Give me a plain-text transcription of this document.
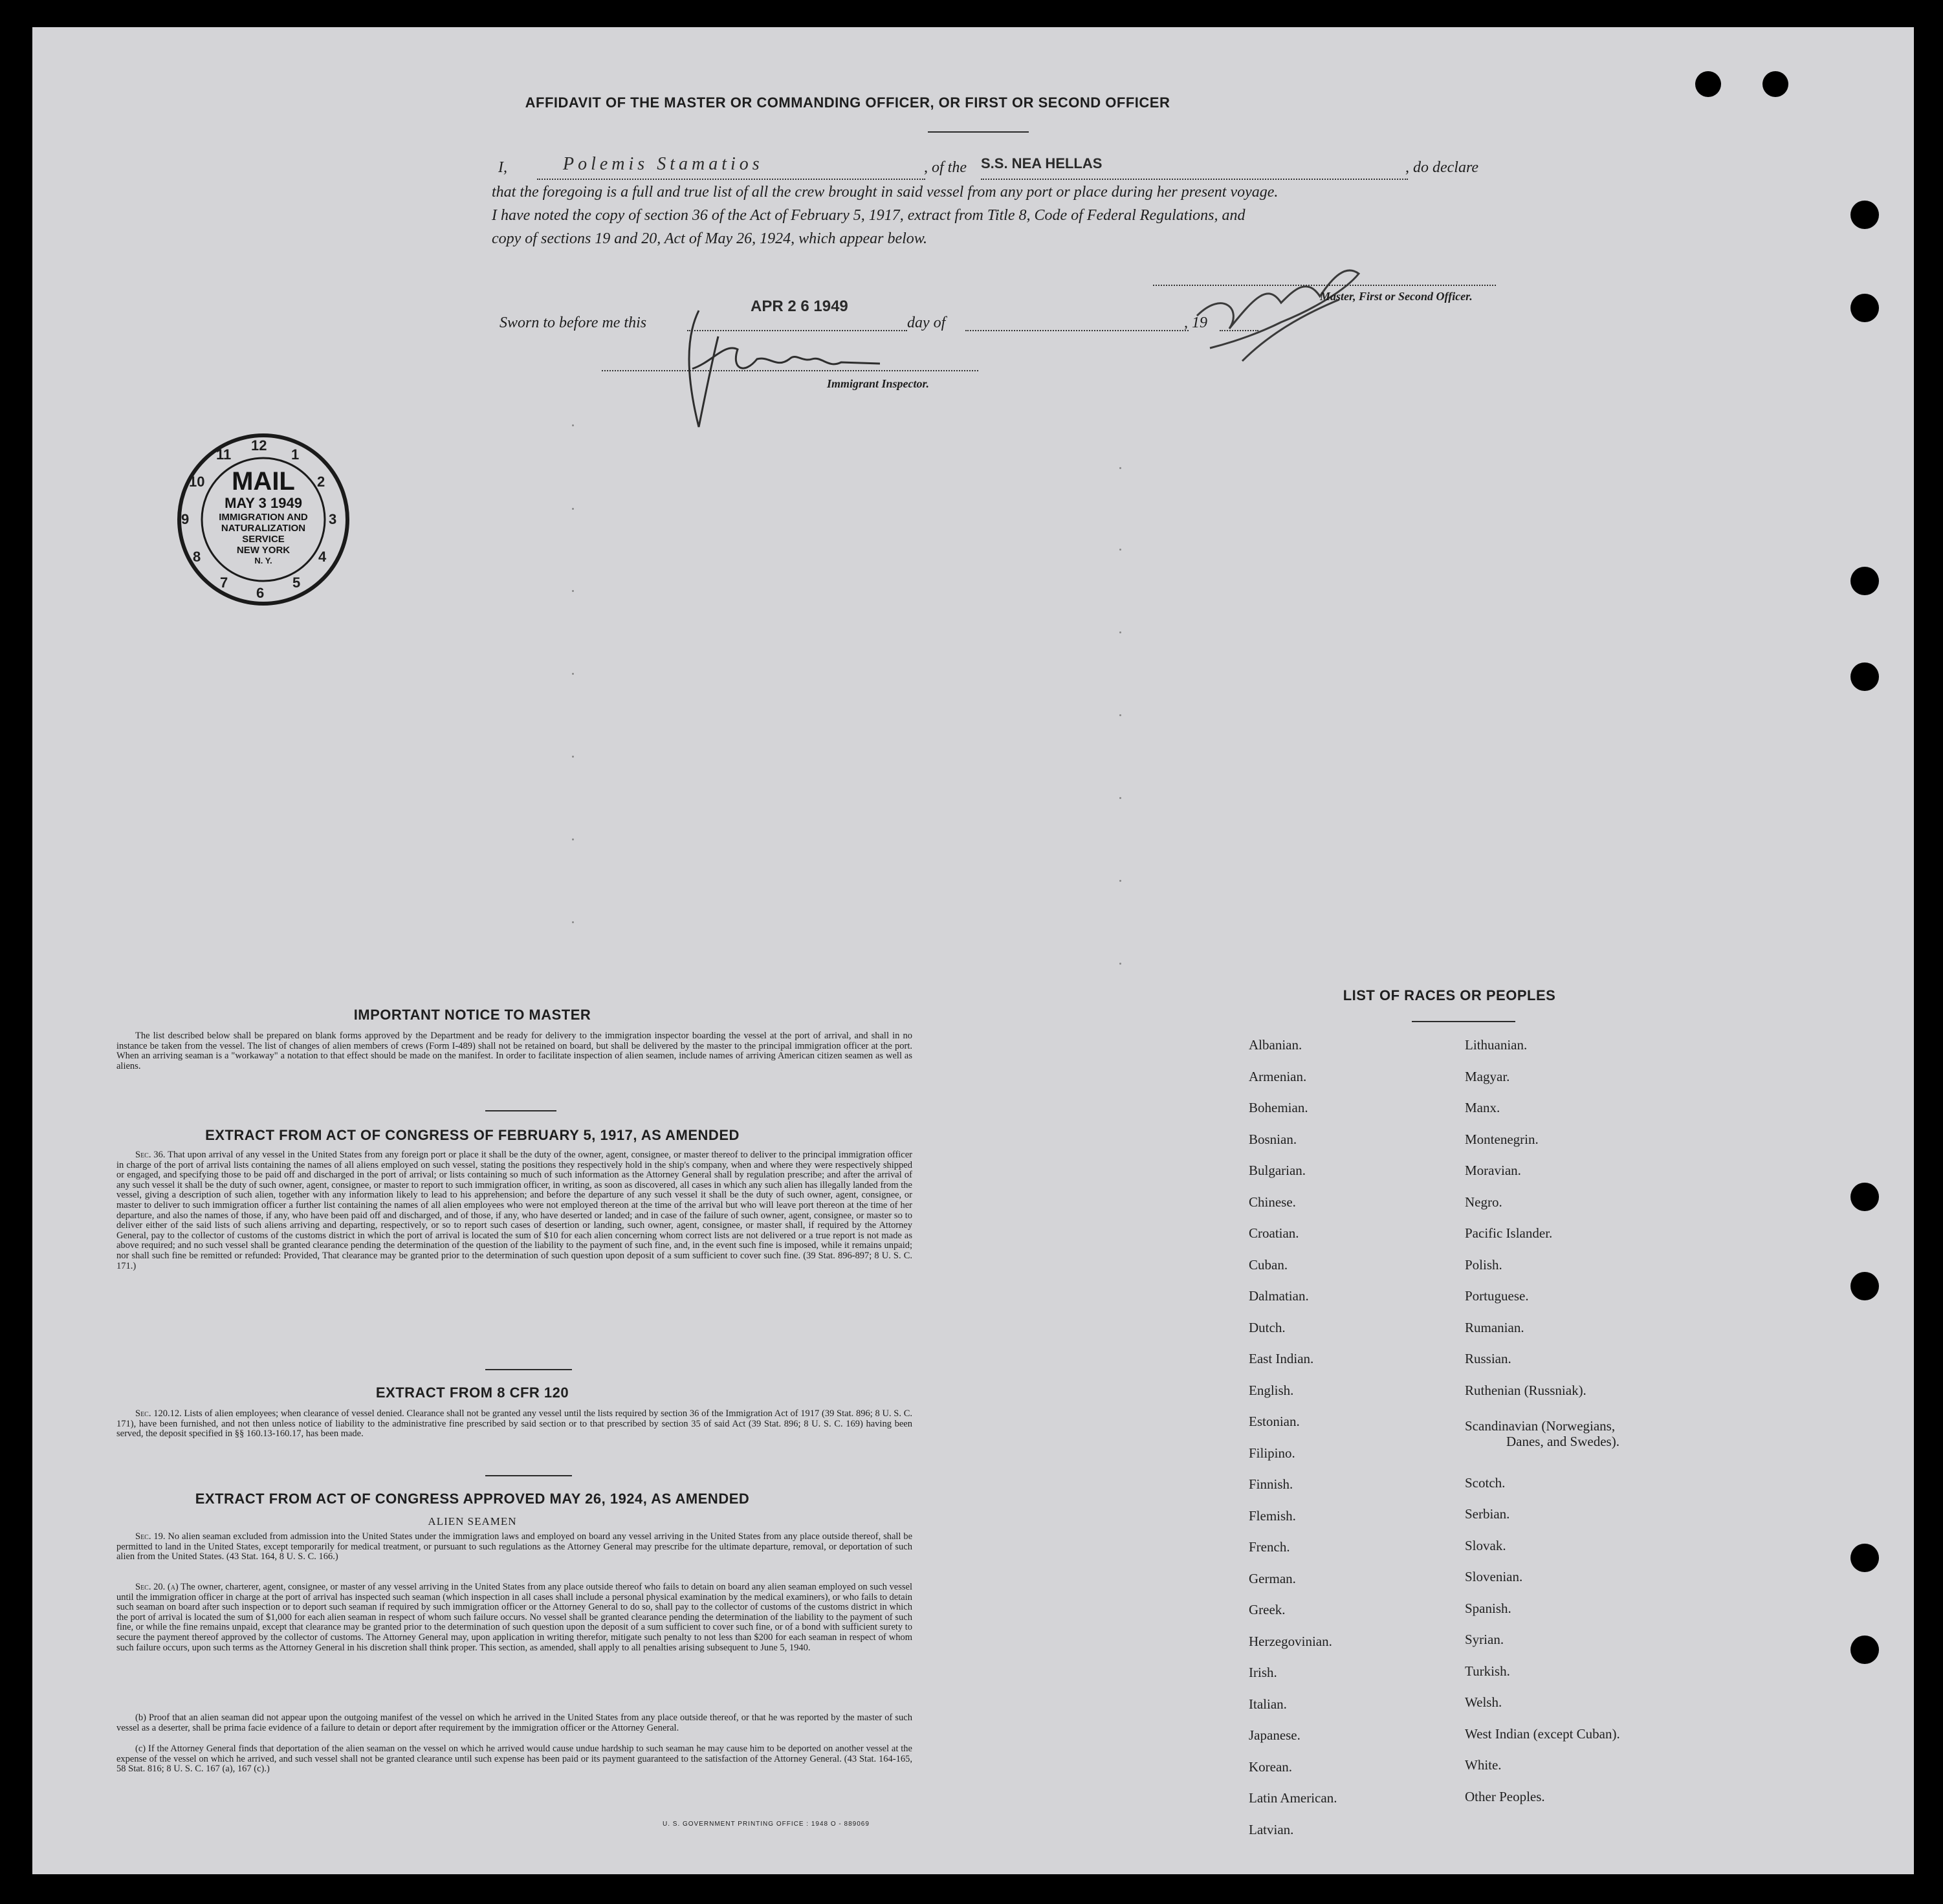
AFFIDAVIT OF THE MASTER OR COMMANDING OFFICER, OR FIRST OR SECOND OFFICER
I,	Polemis Stamatios	, of the S.S. NEA HELLAS	, do declare
that the foregoing is a full and true list of all the crew brought in said vessel from any port or place during her present voyage.
I have noted the copy of section 36 of the Act of February 5, 1917, extract from Title 8, Code of Federal Regulations, and
copy of sections 19 and 20, Act of May 26, 1924, which appear below.
Master, First or Second Officer.
Sworn to before me this
APR 2 6 1949
day of	, 19
Immigrant Inspector.
12
1
2
3
4
5
6
7
8
9
10
11
MAIL
MAY 3 1949
IMMIGRATION AND
NATURALIZATION
SERVICE
NEW YORK
N. Y.
IMPORTANT NOTICE TO MASTER
The list described below shall be prepared on blank forms approved by the Department and be ready for delivery to the immigration inspector boarding the vessel at the port of arrival, and shall in no instance be taken from the vessel. The list of changes of alien members of crews (Form I-489) shall not be retained on board, but shall be delivered by the master to the principal immigration officer at the port. When an arriving seaman is a "workaway" a notation to that effect should be made on the manifest. In order to facilitate inspection of alien seamen, include names of arriving American citizen seamen as well as aliens.
EXTRACT FROM ACT OF CONGRESS OF FEBRUARY 5, 1917, AS AMENDED
Sec. 36. That upon arrival of any vessel in the United States from any foreign port or place it shall be the duty of the owner, agent, consignee, or master thereof to deliver to the principal immigration officer in charge of the port of arrival lists containing the names of all aliens employed on such vessel, stating the positions they respectively hold in the ship's company, when and where they were respectively shipped or engaged, and specifying those to be paid off and discharged in the port of arrival; or lists containing so much of such information as the Attorney General shall by regulation prescribe; and after the arrival of any such vessel it shall be the duty of such owner, agent, consignee, or master to report to such immigration officer, in writing, as soon as discovered, all cases in which any such alien has illegally landed from the vessel, giving a description of such alien, together with any information likely to lead to his apprehension; and before the departure of any such vessel it shall be the duty of such owner, agent, consignee, or master to deliver to such immigration officer a further list containing the names of all alien employees who were not employed thereon at the time of the arrival but who will leave port thereon at the time of her departure, and also the names of those, if any, who have been paid off and discharged, and of those, if any, who have deserted or landed; and in case of the failure of such owner, agent, consignee, or master so to deliver either of the said lists of such aliens arriving and departing, respectively, or so to report such cases of desertion or landing, such owner, agent, consignee, or master shall, if required by the Attorney General, pay to the collector of customs of the customs district in which the port of arrival is located the sum of $10 for each alien concerning whom correct lists are not delivered or a true report is not made as above required; and no such vessel shall be granted clearance pending the determination of the question of the liability to the payment of such fine, and, in the event such fine is imposed, while it remains unpaid; nor shall such fine be remitted or refunded: Provided, That clearance may be granted prior to the determination of such question upon deposit of a sum sufficient to cover such fine. (39 Stat. 896-897; 8 U. S. C. 171.)
EXTRACT FROM 8 CFR 120
Sec. 120.12. Lists of alien employees; when clearance of vessel denied. Clearance shall not be granted any vessel until the lists required by section 36 of the Immigration Act of 1917 (39 Stat. 896; 8 U. S. C. 171), have been furnished, and not then unless notice of liability to the administrative fine prescribed by said section or to that prescribed by section 35 of said Act (39 Stat. 896; 8 U. S. C. 169) having been served, the deposit specified in §§ 160.13-160.17, has been made.
EXTRACT FROM ACT OF CONGRESS APPROVED MAY 26, 1924, AS AMENDED
ALIEN SEAMEN
Sec. 19. No alien seaman excluded from admission into the United States under the immigration laws and employed on board any vessel arriving in the United States from any place outside thereof, shall be permitted to land in the United States, except temporarily for medical treatment, or pursuant to such regulations as the Attorney General may prescribe for the ultimate departure, removal, or deportation of such alien from the United States. (43 Stat. 164, 8 U. S. C. 166.)
Sec. 20. (a) The owner, charterer, agent, consignee, or master of any vessel arriving in the United States from any place outside thereof who fails to detain on board any alien seaman employed on such vessel until the immigration officer in charge at the port of arrival has inspected such seaman (which inspection in all cases shall include a personal physical examination by the medical examiners), or who fails to detain such seaman on board after such inspection or to deport such seaman if required by such immigration officer or the Attorney General to do so, shall pay to the collector of customs of the customs district in which the port of arrival is located the sum of $1,000 for each alien seaman in respect of whom such failure occurs. No vessel shall be granted clearance pending the determination of the liability to the payment of such fine, or while the fine remains unpaid, except that clearance may be granted prior to the determination of such question upon the deposit of a sum sufficient to cover such fine, or of a bond with sufficient surety to secure the payment thereof approved by the collector of customs. The Attorney General may, upon application in writing therefor, mitigate such penalty to not less than $200 for each seaman in respect of whom such failure occurs, upon such terms as the Attorney General in his discretion shall think proper. This section, as amended, shall apply to all penalties arising subsequent to June 5, 1940.
(b) Proof that an alien seaman did not appear upon the outgoing manifest of the vessel on which he arrived in the United States from any place outside thereof, or that he was reported by the master of such vessel as a deserter, shall be prima facie evidence of a failure to detain or deport after requirement by the immigration officer or the Attorney General.
(c) If the Attorney General finds that deportation of the alien seaman on the vessel on which he arrived would cause undue hardship to such seaman he may cause him to be deported on another vessel at the expense of the vessel on which he arrived, and such vessel shall not be granted clearance until such expense has been paid or its payment guaranteed to the satisfaction of the Attorney General. (43 Stat. 164-165, 58 Stat. 816; 8 U. S. C. 167 (a), 167 (c).)
U. S. GOVERNMENT PRINTING OFFICE : 1948 O - 889069
LIST OF RACES OR PEOPLES
Albanian.
Armenian.
Bohemian.
Bosnian.
Bulgarian.
Chinese.
Croatian.
Cuban.
Dalmatian.
Dutch.
East Indian.
English.
Estonian.
Filipino.
Finnish.
Flemish.
French.
German.
Greek.
Herzegovinian.
Irish.
Italian.
Japanese.
Korean.
Latin American.
Latvian.
Lithuanian.
Magyar.
Manx.
Montenegrin.
Moravian.
Negro.
Pacific Islander.
Polish.
Portuguese.
Rumanian.
Russian.
Ruthenian (Russniak).
Scandinavian (Norwegians,
Danes, and Swedes).
Scotch.
Serbian.
Slovak.
Slovenian.
Spanish.
Syrian.
Turkish.
Welsh.
West Indian (except Cuban).
White.
Other Peoples.
